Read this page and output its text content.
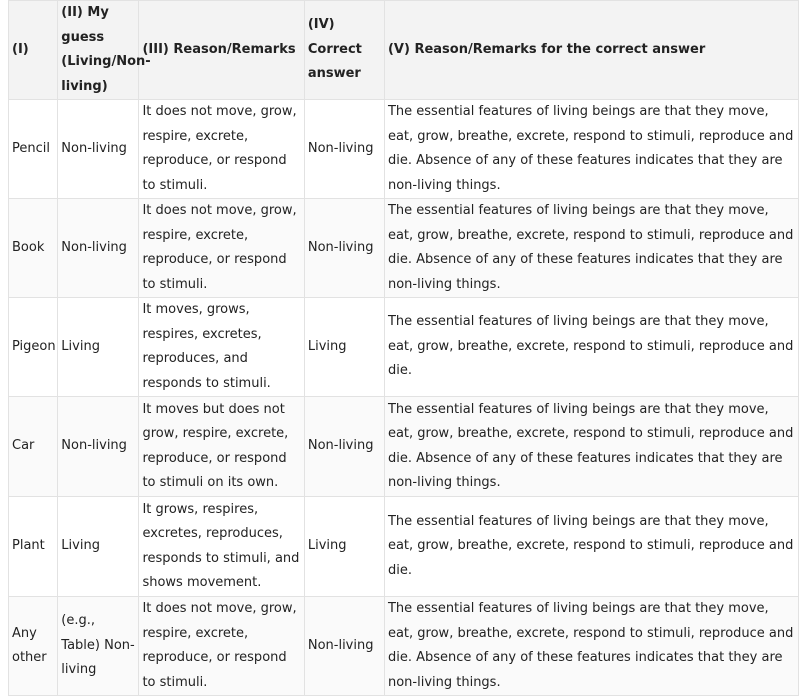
(I)	(II) My guess (Living/Non-living)	(III) Reason/Remarks	(IV) Correct answer	(V) Reason/Remarks for the correct answer
Pencil	Non-living	It does not move, grow, respire, excrete, reproduce, or respond to stimuli.	Non-living	The essential features of living beings are that they move, eat, grow, breathe, excrete, respond to stimuli, reproduce and die. Absence of any of these features indicates that they are non-living things.
Book	Non-living	It does not move, grow, respire, excrete, reproduce, or respond to stimuli.	Non-living	The essential features of living beings are that they move, eat, grow, breathe, excrete, respond to stimuli, reproduce and die. Absence of any of these features indicates that they are non-living things.
Pigeon	Living	It moves, grows, respires, excretes, reproduces, and responds to stimuli.	Living	The essential features of living beings are that they move, eat, grow, breathe, excrete, respond to stimuli, reproduce and die.
Car	Non-living	It moves but does not grow, respire, excrete, reproduce, or respond to stimuli on its own.	Non-living	The essential features of living beings are that they move, eat, grow, breathe, excrete, respond to stimuli, reproduce and die. Absence of any of these features indicates that they are non-living things.
Plant	Living	It grows, respires, excretes, reproduces, responds to stimuli, and shows movement.	Living	The essential features of living beings are that they move, eat, grow, breathe, excrete, respond to stimuli, reproduce and die.
Any other	(e.g., Table) Non-living	It does not move, grow, respire, excrete, reproduce, or respond to stimuli.	Non-living	The essential features of living beings are that they move, eat, grow, breathe, excrete, respond to stimuli, reproduce and die. Absence of any of these features indicates that they are non-living things.
